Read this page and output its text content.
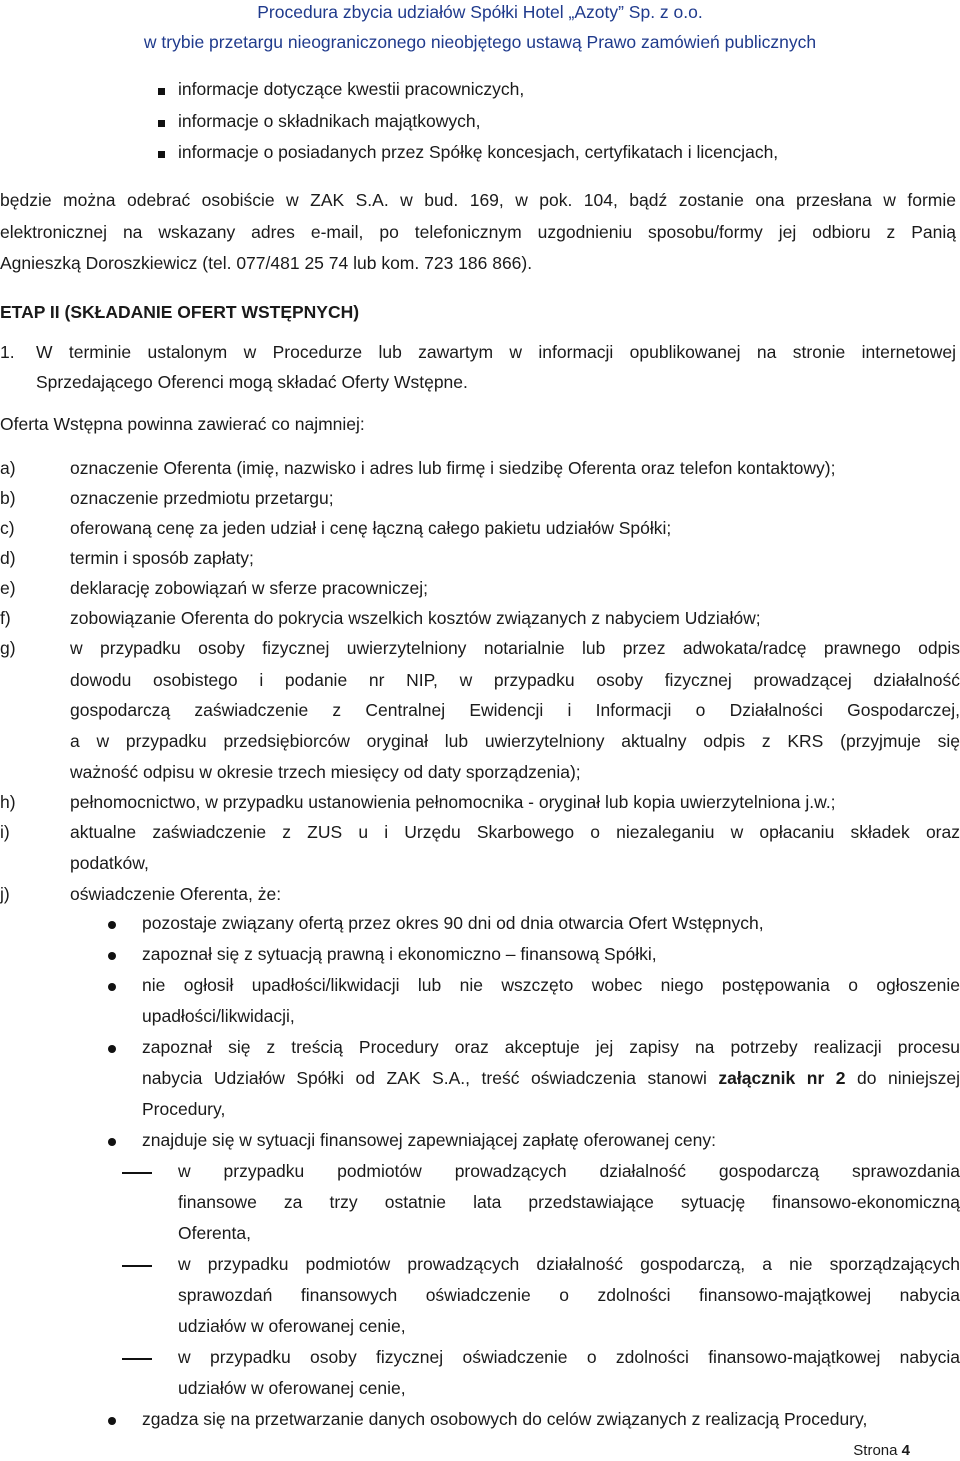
Procedura zbycia udziałów Spółki Hotel „Azoty” Sp. z o.o.
w trybie przetargu nieograniczonego nieobjętego ustawą Prawo zamówień publicznych
informacje dotyczące kwestii pracowniczych,
informacje o składnikach majątkowych,
informacje o posiadanych przez Spółkę koncesjach, certyfikatach i licencjach,
będzie można odebrać osobiście w ZAK S.A. w bud. 169, w pok. 104, bądź zostanie ona przesłana w formie
elektronicznej na wskazany adres e-mail, po telefonicznym uzgodnieniu sposobu/formy jej odbioru z Panią
Agnieszką Doroszkiewicz (tel. 077/481 25 74 lub kom. 723 186 866).
ETAP II (SKŁADANIE OFERT WSTĘPNYCH)
1. W terminie ustalonym w Procedurze lub zawartym w informacji opublikowanej na stronie internetowej
Sprzedającego Oferenci mogą składać Oferty Wstępne.
Oferta Wstępna powinna zawierać co najmniej:
a)	oznaczenie Oferenta (imię, nazwisko i adres lub firmę i siedzibę Oferenta oraz telefon kontaktowy);
b)	oznaczenie przedmiotu przetargu;
c)	oferowaną cenę za jeden udział i cenę łączną całego pakietu udziałów Spółki;
d)	termin i sposób zapłaty;
e)	deklarację zobowiązań w sferze pracowniczej;
f)	zobowiązanie Oferenta do pokrycia wszelkich kosztów związanych z nabyciem Udziałów;
g)	w przypadku osoby fizycznej uwierzytelniony notarialnie lub przez adwokata/radcę prawnego odpis
dowodu osobistego i podanie nr NIP, w przypadku osoby fizycznej prowadzącej działalność
gospodarczą zaświadczenie z Centralnej Ewidencji i Informacji o Działalności Gospodarczej,
a w przypadku przedsiębiorców oryginał lub uwierzytelniony aktualny odpis z KRS (przyjmuje się
ważność odpisu w okresie trzech miesięcy od daty sporządzenia);
h)	pełnomocnictwo, w przypadku ustanowienia pełnomocnika - oryginał lub kopia uwierzytelniona j.w.;
i)	aktualne zaświadczenie z ZUS u i Urzędu Skarbowego o niezaleganiu w opłacaniu składek oraz
podatków,
j)	oświadczenie Oferenta, że:
pozostaje związany ofertą przez okres 90 dni od dnia otwarcia Ofert Wstępnych,
zapoznał się z sytuacją prawną i ekonomiczno – finansową Spółki,
nie ogłosił upadłości/likwidacji lub nie wszczęto wobec niego postępowania o ogłoszenie
upadłości/likwidacji,
zapoznał się z treścią Procedury oraz akceptuje jej zapisy na potrzeby realizacji procesu
nabycia Udziałów Spółki od ZAK S.A., treść oświadczenia stanowi załącznik nr 2 do niniejszej
Procedury,
znajduje się w sytuacji finansowej zapewniającej zapłatę oferowanej ceny:
w przypadku podmiotów prowadzących działalność gospodarczą sprawozdania
finansowe za trzy ostatnie lata przedstawiające sytuację finansowo-ekonomiczną
Oferenta,
w przypadku podmiotów prowadzących działalność gospodarczą, a nie sporządzających
sprawozdań finansowych oświadczenie o zdolności finansowo-majątkowej nabycia
udziałów w oferowanej cenie,
w przypadku osoby fizycznej oświadczenie o zdolności finansowo-majątkowej nabycia
udziałów w oferowanej cenie,
zgadza się na przetwarzanie danych osobowych do celów związanych z realizacją Procedury,
Strona 4
